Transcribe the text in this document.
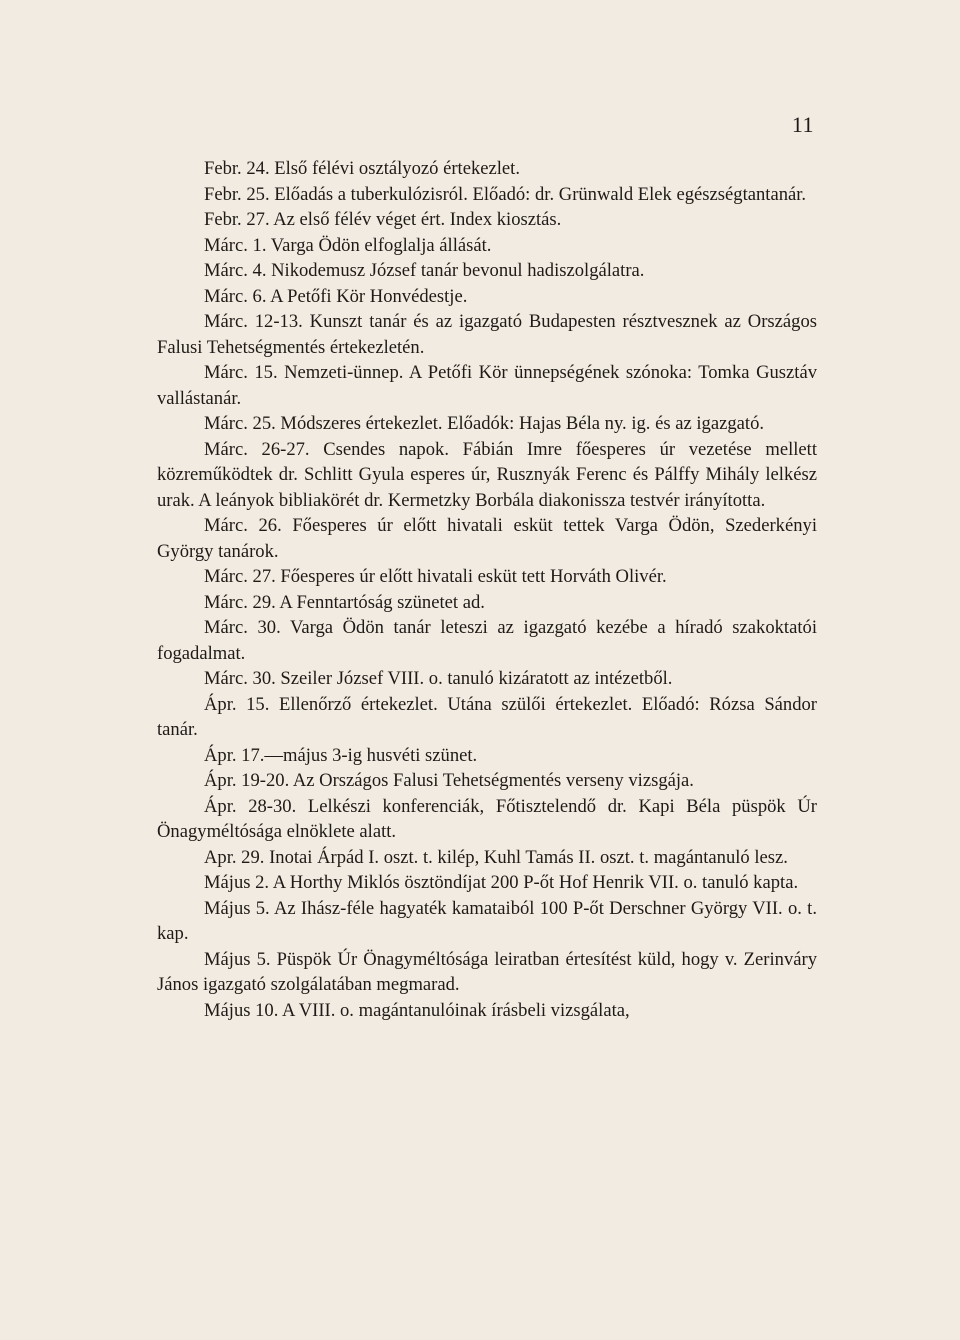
11

Febr. 24. Első félévi osztályozó értekezlet.

Febr. 25. Előadás a tuberkulózisról. Előadó: dr. Grünwald Elek egészségtantanár.

Febr. 27. Az első félév véget ért. Index kiosztás.

Márc. 1. Varga Ödön elfoglalja állását.

Márc. 4. Nikodemusz József tanár bevonul hadiszolgálatra.

Márc. 6. A Petőfi Kör Honvédestje.

Márc. 12-13. Kunszt tanár és az igazgató Budapesten résztvesznek az Országos Falusi Tehetségmentés értekezletén.

Márc. 15. Nemzeti-ünnep. A Petőfi Kör ünnepségének szónoka: Tomka Gusztáv vallástanár.

Márc. 25. Módszeres értekezlet. Előadók: Hajas Béla ny. ig. és az igazgató.

Márc. 26-27. Csendes napok. Fábián Imre főesperes úr vezetése mellett közreműködtek dr. Schlitt Gyula esperes úr, Rusznyák Ferenc és Pálffy Mihály lelkész urak. A leányok bibliakörét dr. Kermetzky Borbála diakonissza testvér irányította.

Márc. 26. Főesperes úr előtt hivatali esküt tettek Varga Ödön, Szederkényi György tanárok.

Márc. 27. Főesperes úr előtt hivatali esküt tett Horváth Olivér.

Márc. 29. A Fenntartóság szünetet ad.

Márc. 30. Varga Ödön tanár leteszi az igazgató kezébe a híradó szakoktatói fogadalmat.

Márc. 30. Szeiler József VIII. o. tanuló kizáratott az intézetből.

Ápr. 15. Ellenőrző értekezlet. Utána szülői értekezlet. Előadó: Rózsa Sándor tanár.

Ápr. 17.—május 3-ig husvéti szünet.

Ápr. 19-20. Az Országos Falusi Tehetségmentés verseny vizsgája.

Ápr. 28-30. Lelkészi konferenciák, Főtisztelendő dr. Kapi Béla püspök Úr Önagyméltósága elnöklete alatt.

Apr. 29. Inotai Árpád I. oszt. t. kilép, Kuhl Tamás II. oszt. t. magántanuló lesz.

Május 2. A Horthy Miklós ösztöndíjat 200 P-őt Hof Henrik VII. o. tanuló kapta.

Május 5. Az Ihász-féle hagyaték kamataiból 100 P-őt Derschner György VII. o. t. kap.

Május 5. Püspök Úr Önagyméltósága leiratban értesítést küld, hogy v. Zerinváry János igazgató szolgálatában megmarad.

Május 10. A VIII. o. magántanulóinak írásbeli vizsgálata,
